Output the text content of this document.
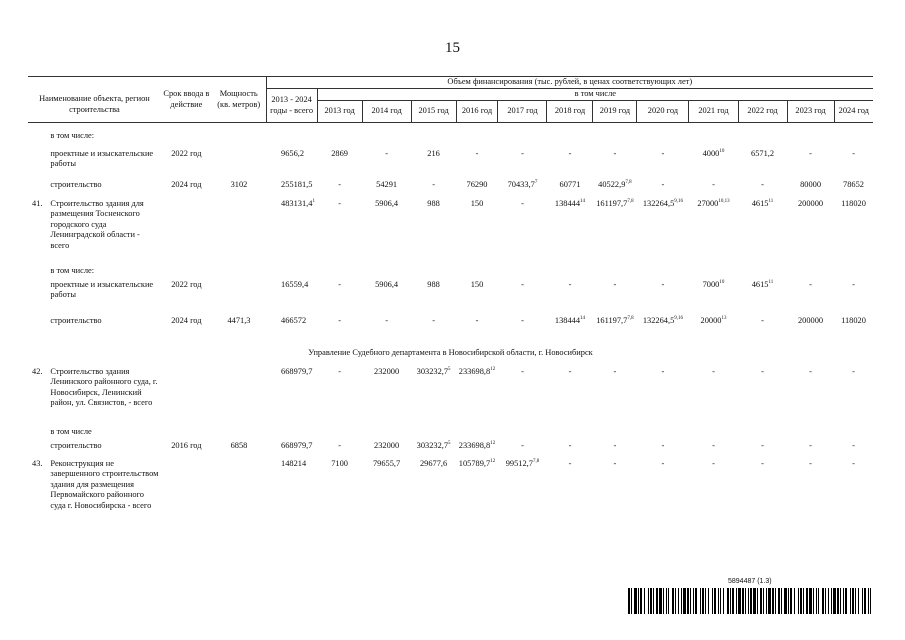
15
Наименование объекта, регион строительства		Срок ввода в действие	Мощность (кв. метров)	Объем финансирования (тыс. рублей, в ценах соответствующих лет)												
				2013 - 2024 годы - всего	в том числе											
					2013 год	2014 год	2015 год	2016 год	2017 год	2018 год	2019 год	2020 год	2021 год	2022 год	2023 год	2024 год
	в том числе:															
	проектные и изыскательские работы	2022 год		9656,2	2869	-	216	-	-	-	-	-	4000$^{10}$	6571,2	-	-
	строительство	2024 год	3102	255181,5	-	54291	-	76290	70433,7$^7$	60771	40522,9$^{7,8}$	-	-	-	80000	78652
41.	Строительство здания для размещения Тосненского городского суда Ленинградской области - всего			483131,4$^1$	-	5906,4	988	150	-	138444$^{14}$	161197,7$^{7,8}$	132264,5$^{9,16}$	27000$^{10,13}$	4615$^{11}$	200000	118020
	в том числе:															
	проектные и изыскательские работы	2022 год		16559,4	-	5906,4	988	150	-	-	-	-	7000$^{10}$	4615$^{11}$	-	-
	строительство	2024 год	4471,3	466572	-	-	-	-	-	138444$^{14}$	161197,7$^{7,8}$	132264,5$^{9,16}$	20000$^{13}$	-	200000	118020
Управление Судебного департамента в Новосибирской области, г. Новосибирск																
42.	Строительство здания Ленинского районного суда, г. Новосибирск, Ленинский район, ул. Связистов, - всего			668979,7	-	232000	303232,7$^5$	233698,8$^{12}$	-	-	-	-	-	-	-	-
	в том числе															
	строительство	2016 год	6858	668979,7	-	232000	303232,7$^5$	233698,8$^{12}$	-	-	-	-	-	-	-	-
43.	Реконструкция не завершенного строительством здания для размещения Первомайского районного суда г. Новосибирска - всего			148214	7100	79655,7	29677,6	105789,7$^{12}$	99512,7$^{7,8}$	-	-	-	-	-	-	-
5894487 (1.3)
